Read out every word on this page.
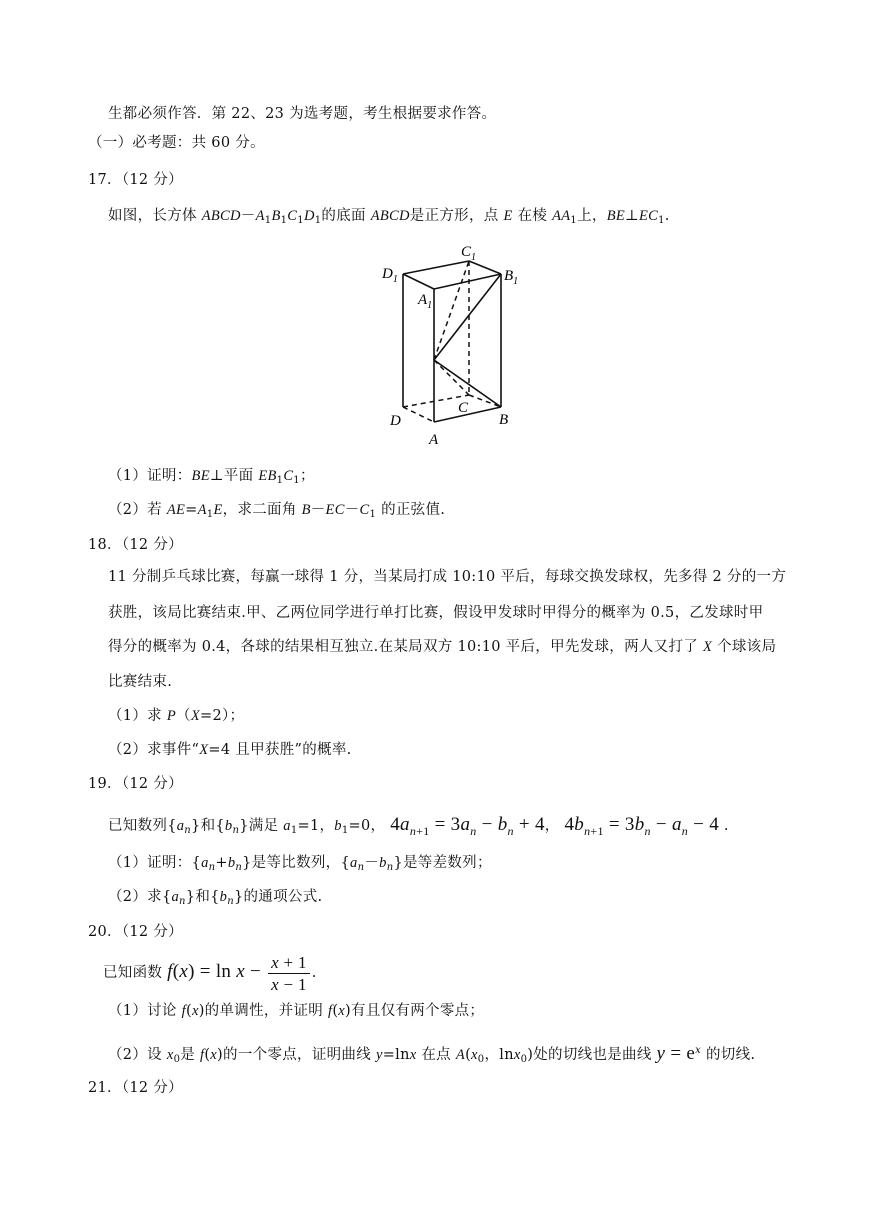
生都必须作答．第 22、23 为选考题，考生根据要求作答。
（一）必考题：共 60 分。
17．（12 分）
如图，长方体 $ABCD-A_1B_1C_1D_1$的底面 ABCD是正方形，点 E 在棱 $AA_1$上，$BE\perp EC_1$.
$D_1$
$C_1$
$B_1$
$A_1$
C
D	B
A
（1）证明：BE⊥平面 $EB_1C_1$；
（2）若 $AE=A_1E$，求二面角 $B-EC-C_1$ 的正弦值.
18．（12 分）
11 分制乒乓球比赛，每赢一球得 1 分，当某局打成 10:10 平后，每球交换发球权，先多得 2 分的一方
获胜，该局比赛结束.甲、乙两位同学进行单打比赛，假设甲发球时甲得分的概率为 0.5，乙发球时甲
得分的概率为 0.4，各球的结果相互独立.在某局双方 10:10 平后，甲先发球，两人又打了 X 个球该局
比赛结束.
（1）求 P（X=2）；
（2）求事件“X=4 且甲获胜”的概率.
19．（12 分）
已知数列$\{a_n\}$和$\{b_n\}$满足 $a_1=1$，$b_1=0$， $4a_{n+1} = 3a_n - b_n + 4$， $4b_{n+1} = 3b_n - a_n - 4$ .
（1）证明：$\{a_n+b_n\}$是等比数列，$\{a_n-b_n\}$是等差数列；
（2）求$\{a_n\}$和$\{b_n\}$的通项公式.
20．（12 分）
已知函数 $f(x) = \ln x - \frac{x + 1}{x - 1}$ .
（1）讨论 f(x)的单调性，并证明 f(x)有且仅有两个零点；
（2）设 $x_0$是 f(x)的一个零点，证明曲线 y=lnx 在点 $A(x_0$，lnx$_0$)处的切线也是曲线 $y = e^x$ 的切线.
21．（12 分）
